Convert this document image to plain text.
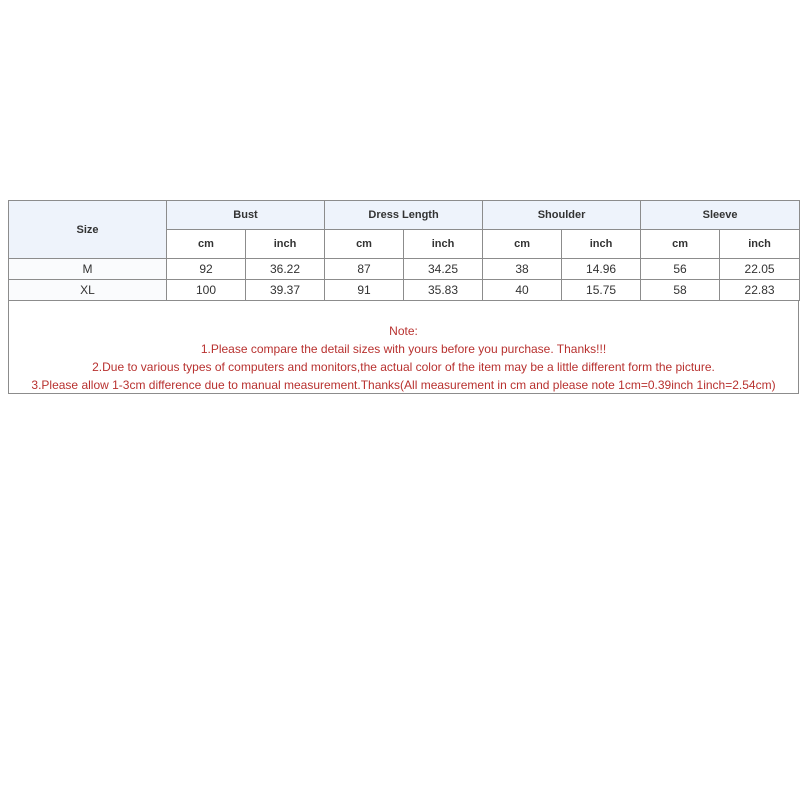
Size	Bust		Dress Length		Shoulder		Sleeve	
	cm	inch	cm	inch	cm	inch	cm	inch
M	92	36.22	87	34.25	38	14.96	56	22.05
XL	100	39.37	91	35.83	40	15.75	58	22.83
Note:
1.Please compare the detail sizes with yours before you purchase. Thanks!!!
2.Due to various types of computers and monitors,the actual color of the item may be a little different form the picture.
3.Please allow 1-3cm difference due to manual measurement.Thanks(All measurement in cm and please note 1cm=0.39inch 1inch=2.54cm)
